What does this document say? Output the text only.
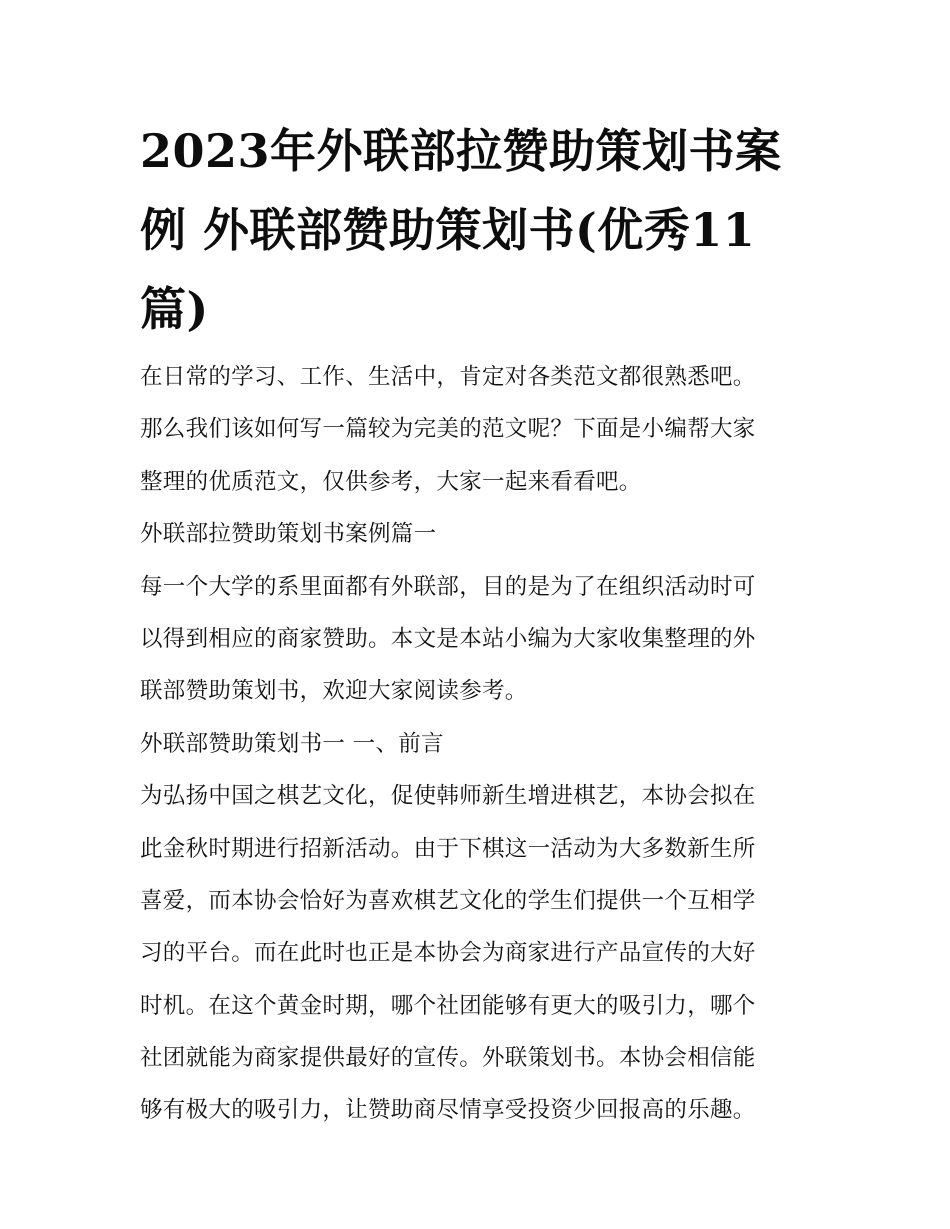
2023年外联部拉赞助策划书案
例 外联部赞助策划书(优秀11
篇)
在日常的学习、工作、生活中，肯定对各类范文都很熟悉吧。
那么我们该如何写一篇较为完美的范文呢？下面是小编帮大家
整理的优质范文，仅供参考，大家一起来看看吧。
外联部拉赞助策划书案例篇一
每一个大学的系里面都有外联部，目的是为了在组织活动时可
以得到相应的商家赞助。本文是本站小编为大家收集整理的外
联部赞助策划书，欢迎大家阅读参考。
外联部赞助策划书一 一、前言
为弘扬中国之棋艺文化，促使韩师新生增进棋艺，本协会拟在
此金秋时期进行招新活动。由于下棋这一活动为大多数新生所
喜爱，而本协会恰好为喜欢棋艺文化的学生们提供一个互相学
习的平台。而在此时也正是本协会为商家进行产品宣传的大好
时机。在这个黄金时期，哪个社团能够有更大的吸引力，哪个
社团就能为商家提供最好的宣传。外联策划书。本协会相信能
够有极大的吸引力，让赞助商尽情享受投资少回报高的乐趣。
